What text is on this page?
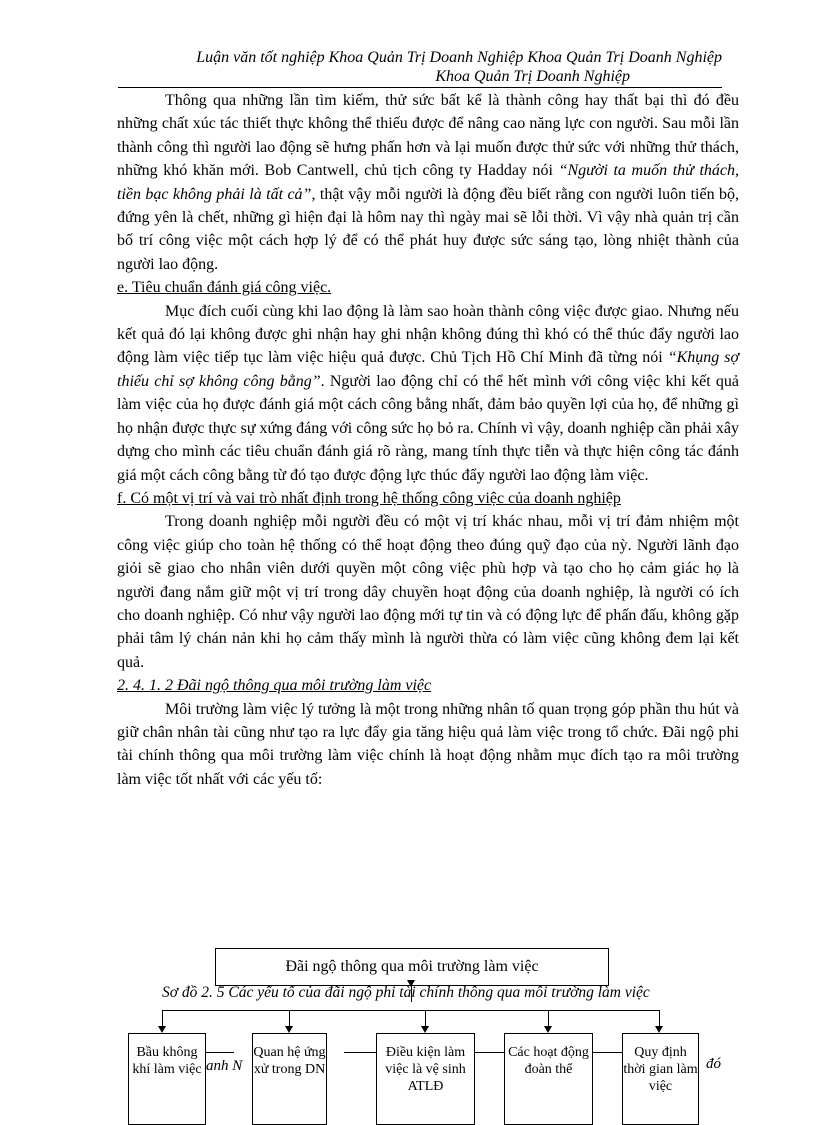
Luận văn tốt nghiệp Khoa Quản Trị Doanh Nghiệp Khoa Quản Trị Doanh Nghiệp
Khoa Quản Trị Doanh Nghiệp

Thông qua những lần tìm kiếm, thử sức bất kể là thành công hay thất bại thì đó đều những chất xúc tác thiết thực không thể thiếu được để nâng cao năng lực con người. Sau mỗi lần thành công thì người lao động sẽ hưng phấn hơn và lại muốn được thử sức với những thử thách, những khó khăn mới. Bob Cantwell, chủ tịch công ty Hadday nói “Người ta muốn thử thách, tiền bạc không phải là tất cả”, thật vậy mỗi người là động đều biết rằng con người luôn tiến bộ, đứng yên là chết, những gì hiện đại là hôm nay thì ngày mai sẽ lỗi thời. Vì vậy nhà quản trị cần bố trí công việc một cách hợp lý để có thể phát huy được sức sáng tạo, lòng nhiệt thành của người lao động.

e. Tiêu chuẩn đánh giá công việc.

Mục đích cuối cùng khi lao động là làm sao hoàn thành công việc được giao. Nhưng nếu kết quả đó lại không được ghi nhận hay ghi nhận không đúng thì khó có thể thúc đẩy người lao động làm việc tiếp tục làm việc hiệu quả được. Chủ Tịch Hồ Chí Minh đã từng nói “Khụng sợ thiếu chỉ sợ không công bằng”. Người lao động chỉ có thể hết mình với công việc khi kết quả làm việc của họ được đánh giá một cách công bằng nhất, đảm bảo quyền lợi của họ, để những gì họ nhận được thực sự xứng đáng với công sức họ bỏ ra. Chính vì vậy, doanh nghiệp cần phải xây dựng cho mình các tiêu chuẩn đánh giá rõ ràng, mang tính thực tiễn và thực hiện công tác đánh giá một cách công bằng từ đó tạo được động lực thúc đẩy người lao động làm việc.

f. Có một vị trí và vai trò nhất định trong hệ thống công việc của doanh nghiệp

Trong doanh nghiệp mỗi người đều có một vị trí khác nhau, mỗi vị trí đảm nhiệm một công việc giúp cho toàn hệ thống có thể hoạt động theo đúng quỹ đạo của nỳ. Người lãnh đạo giỏi sẽ giao cho nhân viên dưới quyền một công việc phù hợp và tạo cho họ cảm giác họ là người đang nắm giữ một vị trí trong dây chuyền hoạt động của doanh nghiệp, là người có ích cho doanh nghiệp. Có như vậy người lao động mới tự tin và có động lực để phấn đấu, không gặp phải tâm lý chán nản khi họ cảm thấy mình là người thừa có làm việc cũng không đem lại kết quả.

2. 4. 1. 2 Đãi ngộ thông qua môi trường làm việc

Môi trường làm việc lý tưởng là một trong những nhân tố quan trọng góp phần thu hút và giữ chân nhân tài cũng như tạo ra lực đẩy gia tăng hiệu quả làm việc trong tổ chức. Đãi ngộ phi tài chính thông qua môi trường làm việc chính là hoạt động nhằm mục đích tạo ra môi trường làm việc tốt nhất với các yếu tố:

Đãi ngộ thông qua môi trường làm việc
Sơ đồ 2. 5 Các yếu tố của đãi ngộ phi tài chính thông qua môi trường làm việc
anh N	đó
Bầu không khí làm việc
Quan hệ ứng xử trong DN
Điều kiện làm việc là vệ sinh ATLĐ
Các hoạt động đoàn thể
Quy định thời gian làm việc
